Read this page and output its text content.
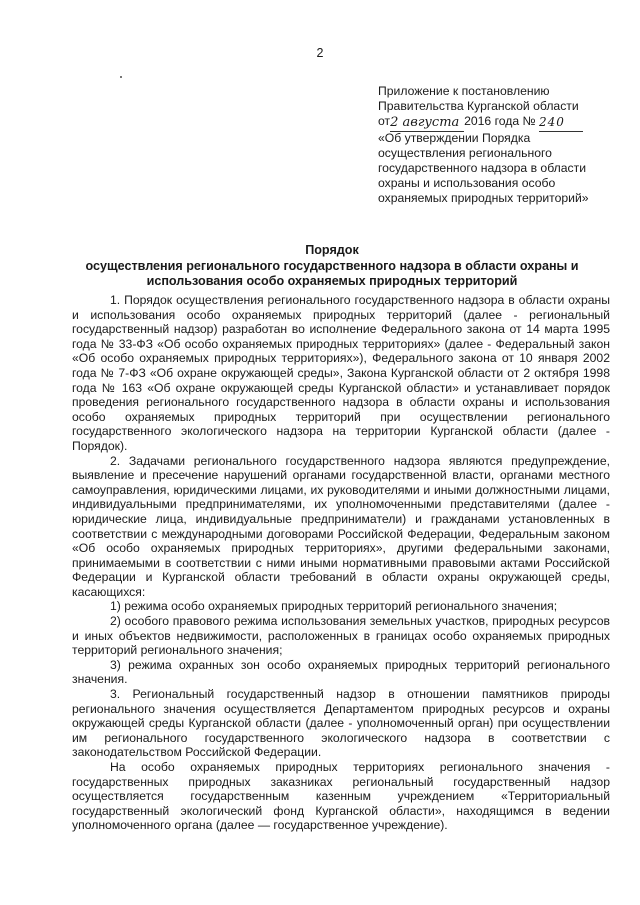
2
Приложение к постановлению
Правительства Курганской области
от2 августа 2016 года № 240
«Об утверждении Порядка
осуществления регионального
государственного надзора в области
охраны и использования особо
охраняемых природных территорий»
Порядок
осуществления регионального государственного надзора в области охраны и
использования особо охраняемых природных территорий

1. Порядок осуществления регионального государственного надзора в области охраны и использования особо охраняемых природных территорий (далее - региональный государственный надзор) разработан во исполнение Федерального закона от 14 марта 1995 года № 33-ФЗ «Об особо охраняемых природных территориях» (далее - Федеральный закон «Об особо охраняемых природных территориях»), Федерального закона от 10 января 2002 года № 7-ФЗ «Об охране окружающей среды», Закона Курганской области от 2 октября 1998 года № 163 «Об охране окружающей среды Курганской области» и устанавливает порядок проведения регионального государственного надзора в области охраны и использования особо охраняемых природных территорий при осуществлении регионального государственного экологического надзора на территории Курганской области (далее - Порядок).

2. Задачами регионального государственного надзора являются предупреждение, выявление и пресечение нарушений органами государственной власти, органами местного самоуправления, юридическими лицами, их руководителями и иными должностными лицами, индивидуальными предпринимателями, их уполномоченными представителями (далее - юридические лица, индивидуальные предприниматели) и гражданами установленных в соответствии с международными договорами Российской Федерации, Федеральным законом «Об особо охраняемых природных территориях», другими федеральными законами, принимаемыми в соответствии с ними иными нормативными правовыми актами Российской Федерации и Курганской области требований в области охраны окружающей среды, касающихся:

1) режима особо охраняемых природных территорий регионального значения;

2) особого правового режима использования земельных участков, природных ресурсов и иных объектов недвижимости, расположенных в границах особо охраняемых природных территорий регионального значения;

3) режима охранных зон особо охраняемых природных территорий регионального значения.

3. Региональный государственный надзор в отношении памятников природы регионального значения осуществляется Департаментом природных ресурсов и охраны окружающей среды Курганской области (далее - уполномоченный орган) при осуществлении им регионального государственного экологического надзора в соответствии с законодательством Российской Федерации.

На особо охраняемых природных территориях регионального значения - государственных природных заказниках региональный государственный надзор осуществляется государственным казенным учреждением «Территориальный государственный экологический фонд Курганской области», находящимся в ведении уполномоченного органа (далее — государственное учреждение).
